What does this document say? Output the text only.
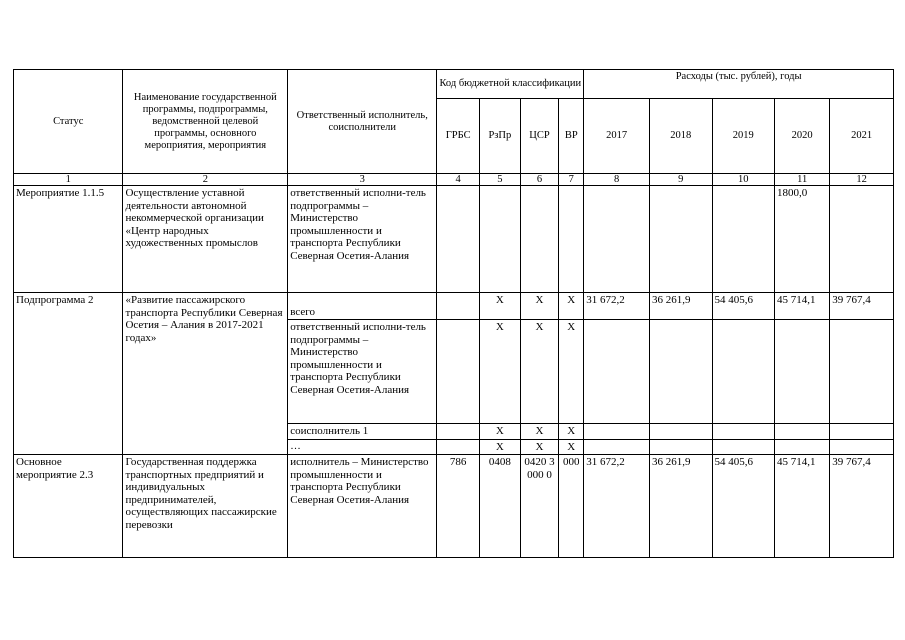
Статус	Наименование государственной программы, подпрограммы, ведомственной целевой программы, основного мероприятия, мероприятия	Ответственный исполнитель, соисполнители	Код бюджетной классификации				Расходы (тыс. рублей), годы				
			ГРБС	РзПр	ЦСР	ВР	2017	2018	2019	2020	2021
1	2	3	4	5	6	7	8	9	10	11	12
Мероприятие 1.1.5	Осуществление уставной деятельности автономной некоммерческой организации «Центр народных художественных промыслов	ответственный исполни-тель подпрограммы – Министерство промышленности и транспорта Республики Северная Осетия-Алания								1800,0	
Подпрограмма 2	«Развитие пассажирского транспорта Республики Северная Осетия – Алания в 2017-2021 годах»	всего		Х	Х	Х	31 672,2	36 261,9	54 405,6	45 714,1	39 767,4
		ответственный исполни-тель подпрограммы – Министерство промышленности и транспорта Республики Северная Осетия-Алания		Х	Х	Х					
		соисполнитель 1		Х	Х	Х					
		…		Х	Х	Х					
Основное мероприятие 2.3	Государственная поддержка транспортных предприятий и индивидуальных предпринимателей, осуществляющих пассажирские перевозки	исполнитель – Министерство промышленности и транспорта Республики Северная Осетия-Алания	786	0408	0420 3000 0	000	31 672,2	36 261,9	54 405,6	45 714,1	39 767,4
